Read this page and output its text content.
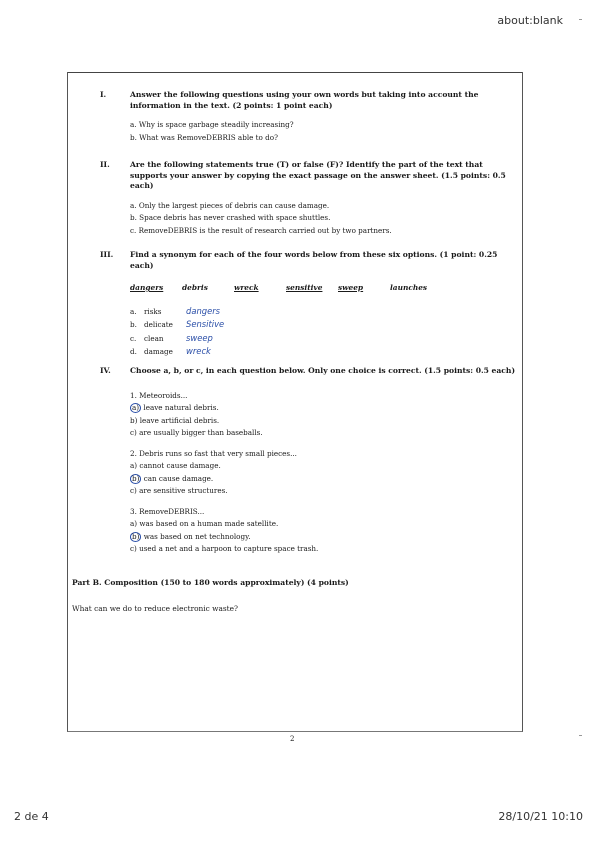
about:blank
I.	Answer the following questions using your own words but taking into account the information in the text. (2 points: 1 point each)
a. Why is space garbage steadily increasing?
b. What was RemoveDEBRIS able to do?
II.	Are the following statements true (T) or false (F)? Identify the part of the text that supports your answer by copying the exact passage on the answer sheet. (1.5 points: 0.5 each)
a. Only the largest pieces of debris can cause damage.
b. Space debris has never crashed with space shuttles.
c. RemoveDEBRIS is the result of research carried out by two partners.
III. Find a synonym for each of the four words below from these six options. (1 point: 0.25 each)
dangers	debris	wreck	sensitive	sweep	launches
a.	risks	dangers
b. delicate	Sensitive
c.	clean	sweep
d. damage	wreck
IV.	Choose a, b, or c, in each question below. Only one choice is correct. (1.5 points: 0.5 each)
1. Meteoroids...
a) leave natural debris.
b) leave artificial debris.
c) are usually bigger than baseballs.
2. Debris runs so fast that very small pieces...
a) cannot cause damage.
b) can cause damage.
c) are sensitive structures.
3. RemoveDEBRIS...
a) was based on a human made satellite.
b) was based on net technology.
c) used a net and a harpoon to capture space trash.
Part B. Composition (150 to 180 words approximately) (4 points)
What can we do to reduce electronic waste?
2
2 de 4	28/10/21 10:10
